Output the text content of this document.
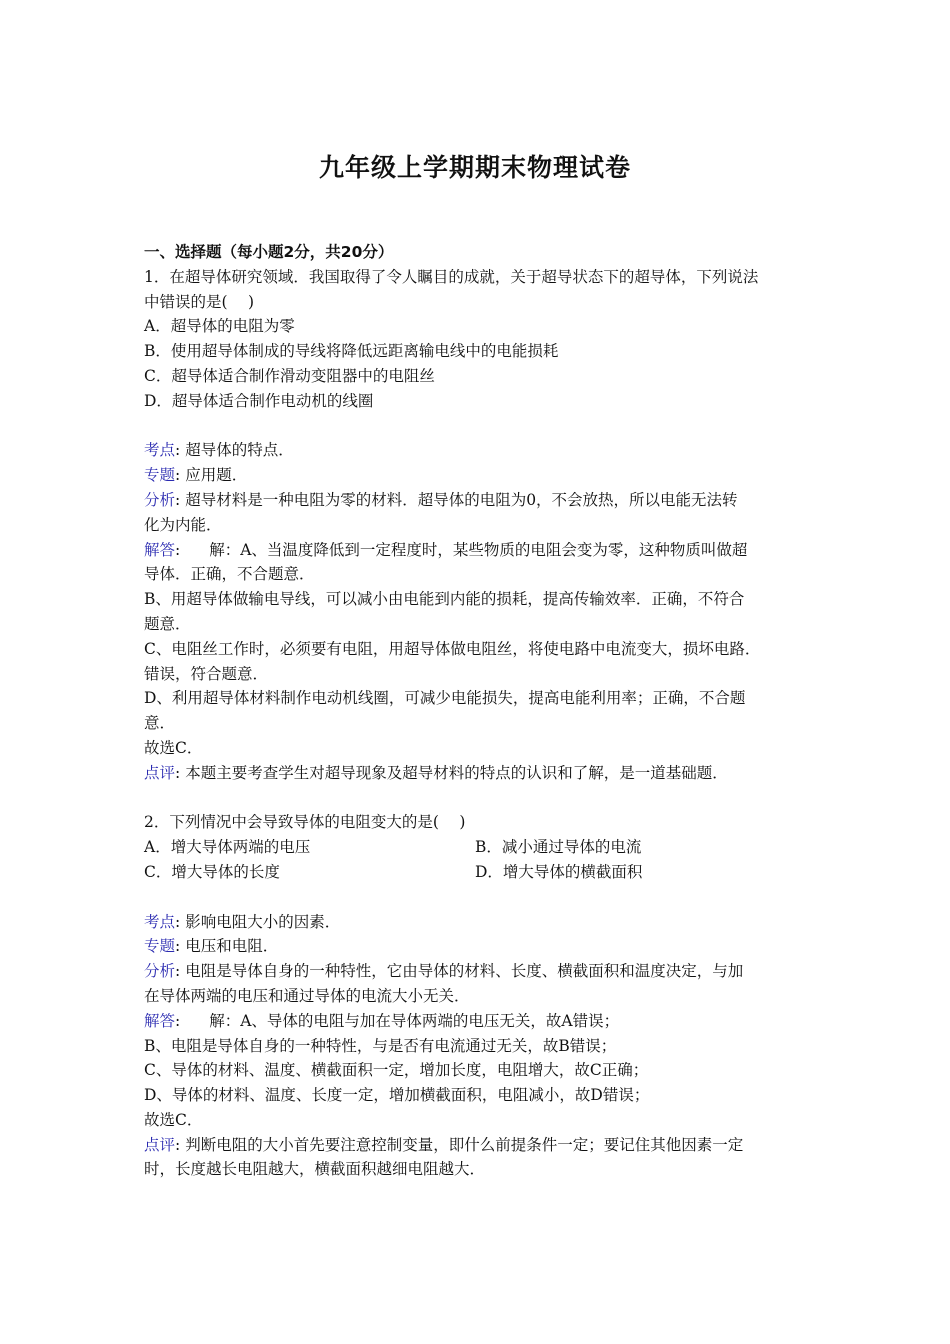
九年级上学期期末物理试卷

一、选择题（每小题2分，共20分）

1．在超导体研究领域．我国取得了令人瞩目的成就，关于超导状态下的超导体，下列说法

中错误的是(　 )

A．超导体的电阻为零

B．使用超导体制成的导线将降低远距离输电线中的电能损耗

C．超导体适合制作滑动变阻器中的电阻丝

D．超导体适合制作电动机的线圈

考点: 超导体的特点．

专题: 应用题．

分析: 超导材料是一种电阻为零的材料．超导体的电阻为0，不会放热，所以电能无法转

化为内能．

解答: 解：A、当温度降低到一定程度时，某些物质的电阻会变为零，这种物质叫做超

导体．正确，不合题意．

B、用超导体做输电导线，可以减小由电能到内能的损耗，提高传输效率．正确，不符合

题意．

C、电阻丝工作时，必须要有电阻，用超导体做电阻丝，将使电路中电流变大，损坏电路．

错误，符合题意．

D、利用超导体材料制作电动机线圈，可减少电能损失，提高电能利用率；正确，不合题

意．

故选C．

点评: 本题主要考查学生对超导现象及超导材料的特点的认识和了解，是一道基础题．

2．下列情况中会导致导体的电阻变大的是(　 )

A．增大导体两端的电压	B．减小通过导体的电流
C．增大导体的长度	D．增大导体的横截面积

考点: 影响电阻大小的因素．

专题: 电压和电阻．

分析: 电阻是导体自身的一种特性，它由导体的材料、长度、横截面积和温度决定，与加

在导体两端的电压和通过导体的电流大小无关．

解答: 解：A、导体的电阻与加在导体两端的电压无关，故A错误；

B、电阻是导体自身的一种特性，与是否有电流通过无关，故B错误；

C、导体的材料、温度、横截面积一定，增加长度，电阻增大，故C正确；

D、导体的材料、温度、长度一定，增加横截面积，电阻减小，故D错误；

故选C．

点评: 判断电阻的大小首先要注意控制变量，即什么前提条件一定；要记住其他因素一定

时，长度越长电阻越大，横截面积越细电阻越大．
